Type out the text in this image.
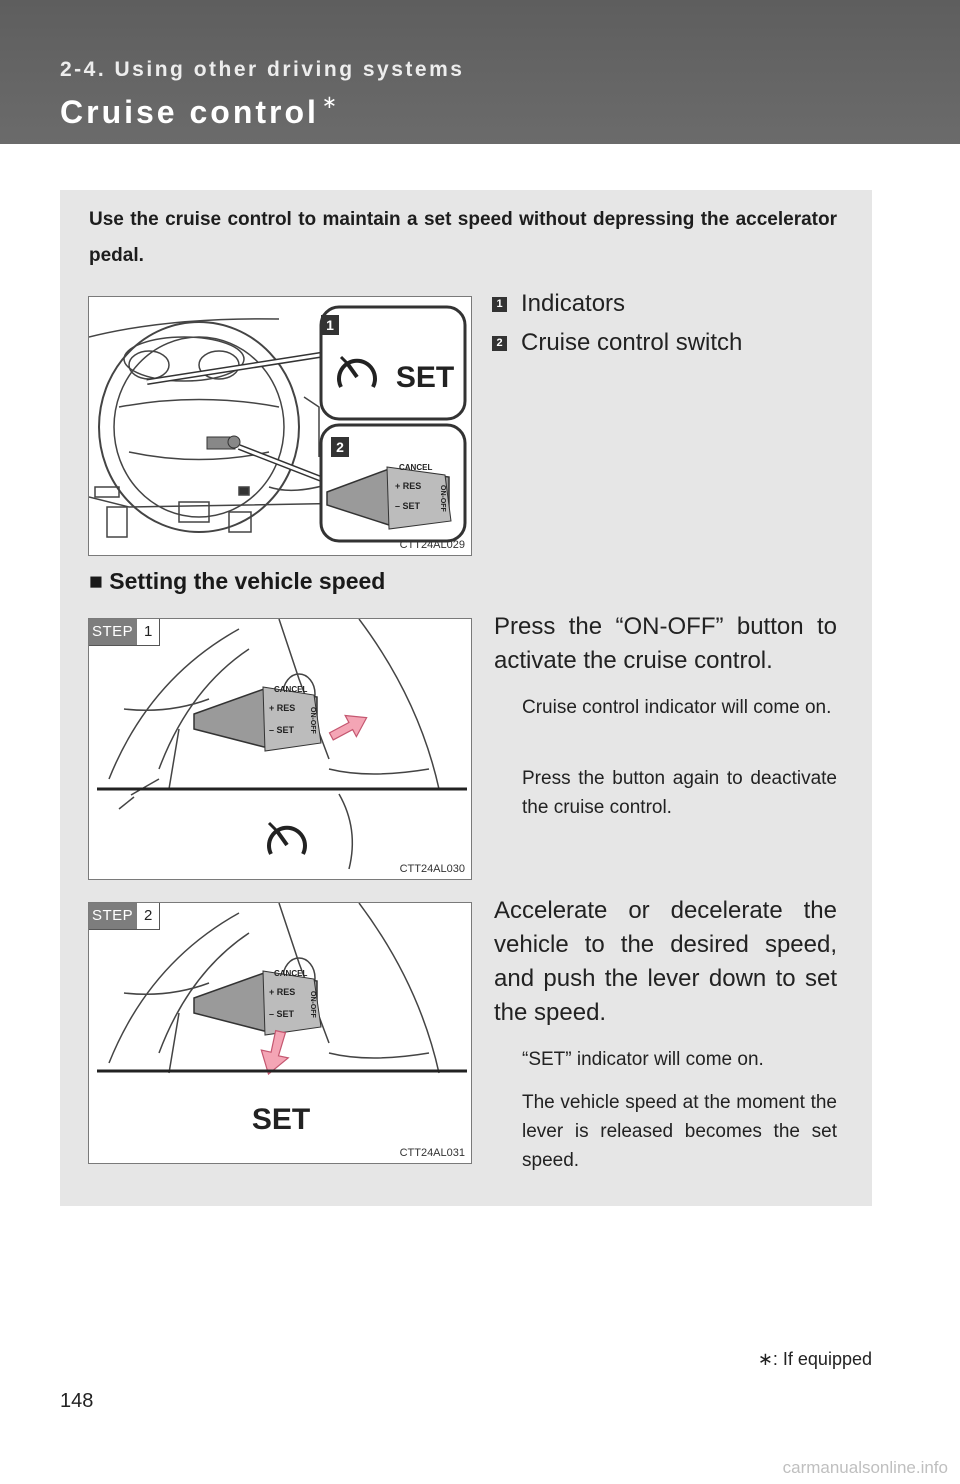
2-4. Using other driving systems
Cruise control ∗
Use the cruise control to maintain a set speed without depressing the accelerator pedal.
1
SET
2
CANCEL
+ RES
– SET	ON-OFF
CTT24AL029
1 Indicators
2 Cruise control switch
■ Setting the vehicle speed
CANCEL
+ RES
– SET ON-OFF
STEP 1
CTT24AL030
Press the “ON-OFF” button to activate the cruise control.
Cruise control indicator will come on.
Press the button again to deactivate the cruise control.
CANCEL
+ RES
– SET ON-OFF
SET
STEP 2
CTT24AL031
Accelerate or decelerate the vehicle to the desired speed, and push the lever down to set the speed.
“SET” indicator will come on.
The vehicle speed at the moment the lever is released becomes the set speed.
∗: If equipped
148
carmanualsonline.info
